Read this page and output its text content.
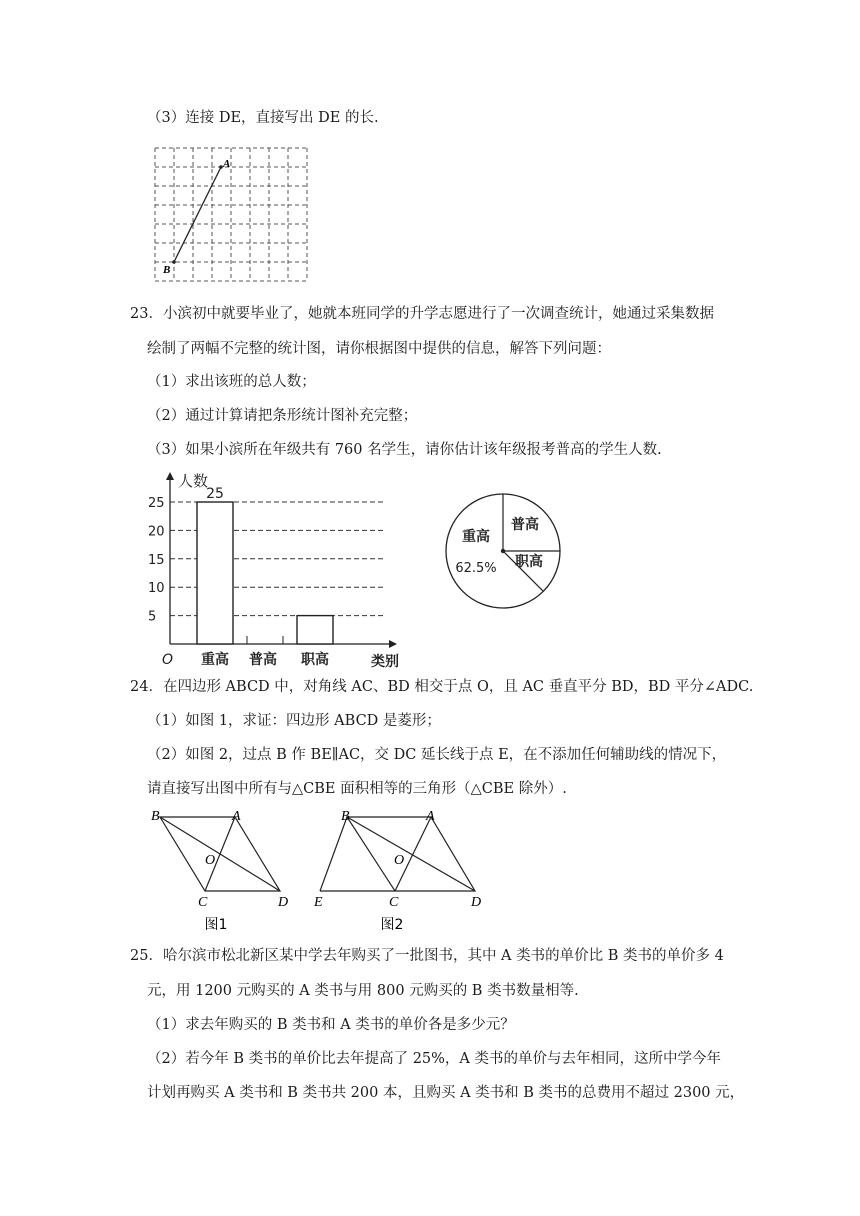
（3）连接 DE，直接写出 DE 的长.
A
B
23．小滨初中就要毕业了，她就本班同学的升学志愿进行了一次调查统计，她通过采集数据
绘制了两幅不完整的统计图，请你根据图中提供的信息，解答下列问题：
（1）求出该班的总人数；
（2）通过计算请把条形统计图补充完整；
（3）如果小滨所在年级共有 760 名学生，请你估计该年级报考普高的学生人数.
5
10
15
20
25
人数
类别
O 重高
25
普高 职高
普高
职高
重高
62.5%
24．在四边形 ABCD 中，对角线 AC、BD 相交于点 O，且 AC 垂直平分 BD，BD 平分∠ADC.
（1）如图 1，求证：四边形 ABCD 是菱形；
（2）如图 2，过点 B 作 BE∥AC，交 DC 延长线于点 E，在不添加任何辅助线的情况下，
请直接写出图中所有与△CBE 面积相等的三角形（△CBE 除外）.
B	A
O
C	D
图1
B	A
O
E	C	D
图2
25．哈尔滨市松北新区某中学去年购买了一批图书，其中 A 类书的单价比 B 类书的单价多 4
元，用 1200 元购买的 A 类书与用 800 元购买的 B 类书数量相等.
（1）求去年购买的 B 类书和 A 类书的单价各是多少元？
（2）若今年 B 类书的单价比去年提高了 25%，A 类书的单价与去年相同，这所中学今年
计划再购买 A 类书和 B 类书共 200 本，且购买 A 类书和 B 类书的总费用不超过 2300 元，
